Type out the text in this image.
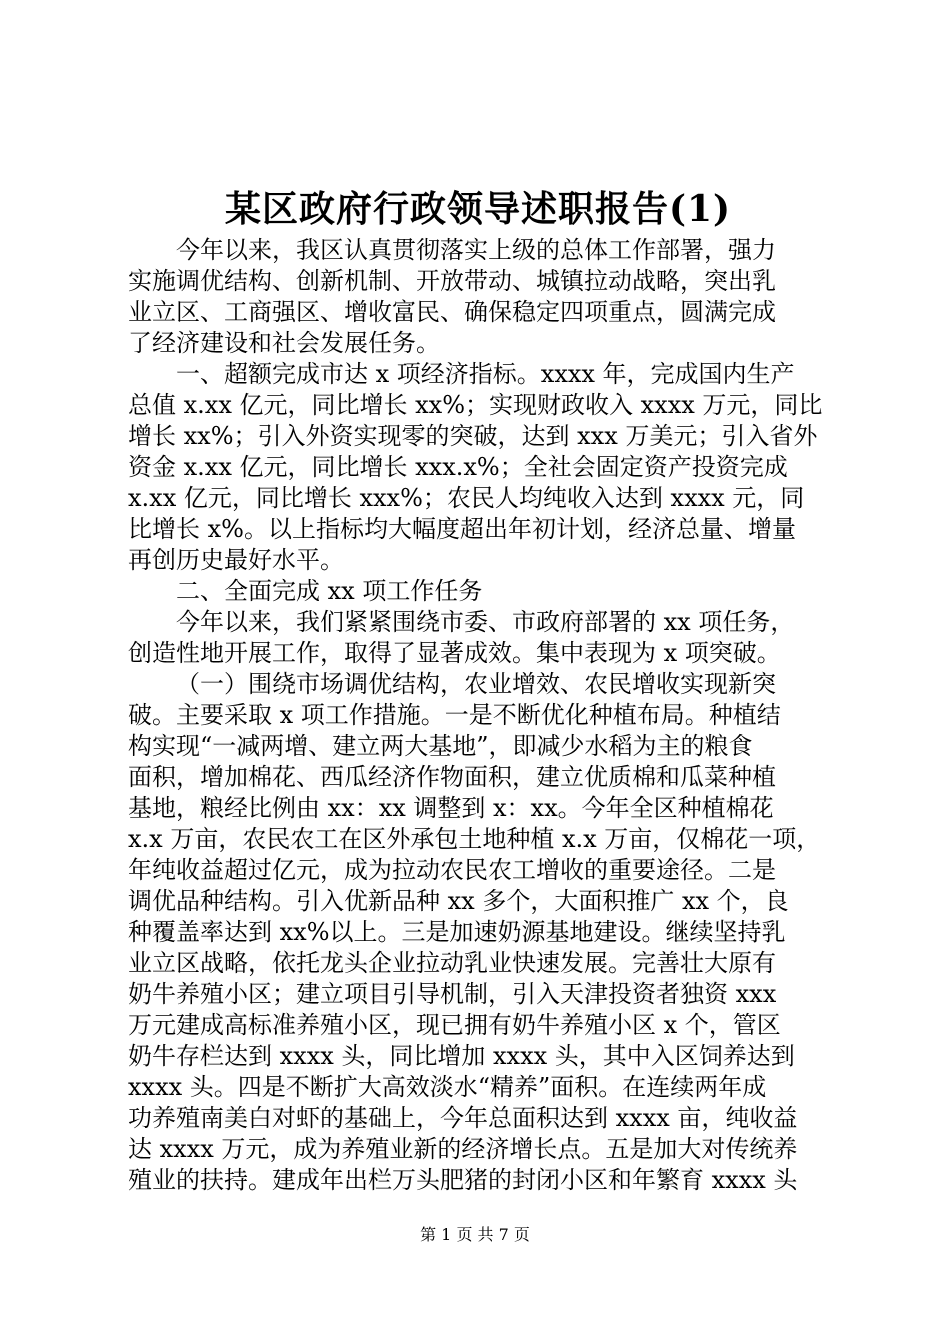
某区政府行政领导述职报告(1)

今年以来，我区认真贯彻落实上级的总体工作部署，强力
实施调优结构、创新机制、开放带动、城镇拉动战略，突出乳
业立区、工商强区、增收富民、确保稳定四项重点，圆满完成
了经济建设和社会发展任务。

一、超额完成市达 x 项经济指标。xxxx 年，完成国内生产
总值 x.xx 亿元，同比增长 xx%；实现财政收入 xxxx 万元，同比
增长 xx%；引入外资实现零的突破，达到 xxx 万美元；引入省外
资金 x.xx 亿元，同比增长 xxx.x%；全社会固定资产投资完成
x.xx 亿元，同比增长 xxx%；农民人均纯收入达到 xxxx 元，同
比增长 x%。以上指标均大幅度超出年初计划，经济总量、增量
再创历史最好水平。

二、全面完成 xx 项工作任务

今年以来，我们紧紧围绕市委、市政府部署的 xx 项任务，
创造性地开展工作，取得了显著成效。集中表现为 x 项突破。

（一）围绕市场调优结构，农业增效、农民增收实现新突
破。主要采取 x 项工作措施。一是不断优化种植布局。种植结
构实现“一减两增、建立两大基地”，即减少水稻为主的粮食
面积，增加棉花、西瓜经济作物面积，建立优质棉和瓜菜种植
基地，粮经比例由 xx：xx 调整到 x：xx。今年全区种植棉花
x.x 万亩，农民农工在区外承包土地种植 x.x 万亩，仅棉花一项，
年纯收益超过亿元，成为拉动农民农工增收的重要途径。二是
调优品种结构。引入优新品种 xx 多个，大面积推广 xx 个，良
种覆盖率达到 xx%以上。三是加速奶源基地建设。继续坚持乳
业立区战略，依托龙头企业拉动乳业快速发展。完善壮大原有
奶牛养殖小区；建立项目引导机制，引入天津投资者独资 xxx
万元建成高标准养殖小区，现已拥有奶牛养殖小区 x 个，管区
奶牛存栏达到 xxxx 头，同比增加 xxxx 头，其中入区饲养达到
xxxx 头。四是不断扩大高效淡水“精养”面积。在连续两年成
功养殖南美白对虾的基础上，今年总面积达到 xxxx 亩，纯收益
达 xxxx 万元，成为养殖业新的经济增长点。五是加大对传统养
殖业的扶持。建成年出栏万头肥猪的封闭小区和年繁育 xxxx 头

第 1 页 共 7 页
